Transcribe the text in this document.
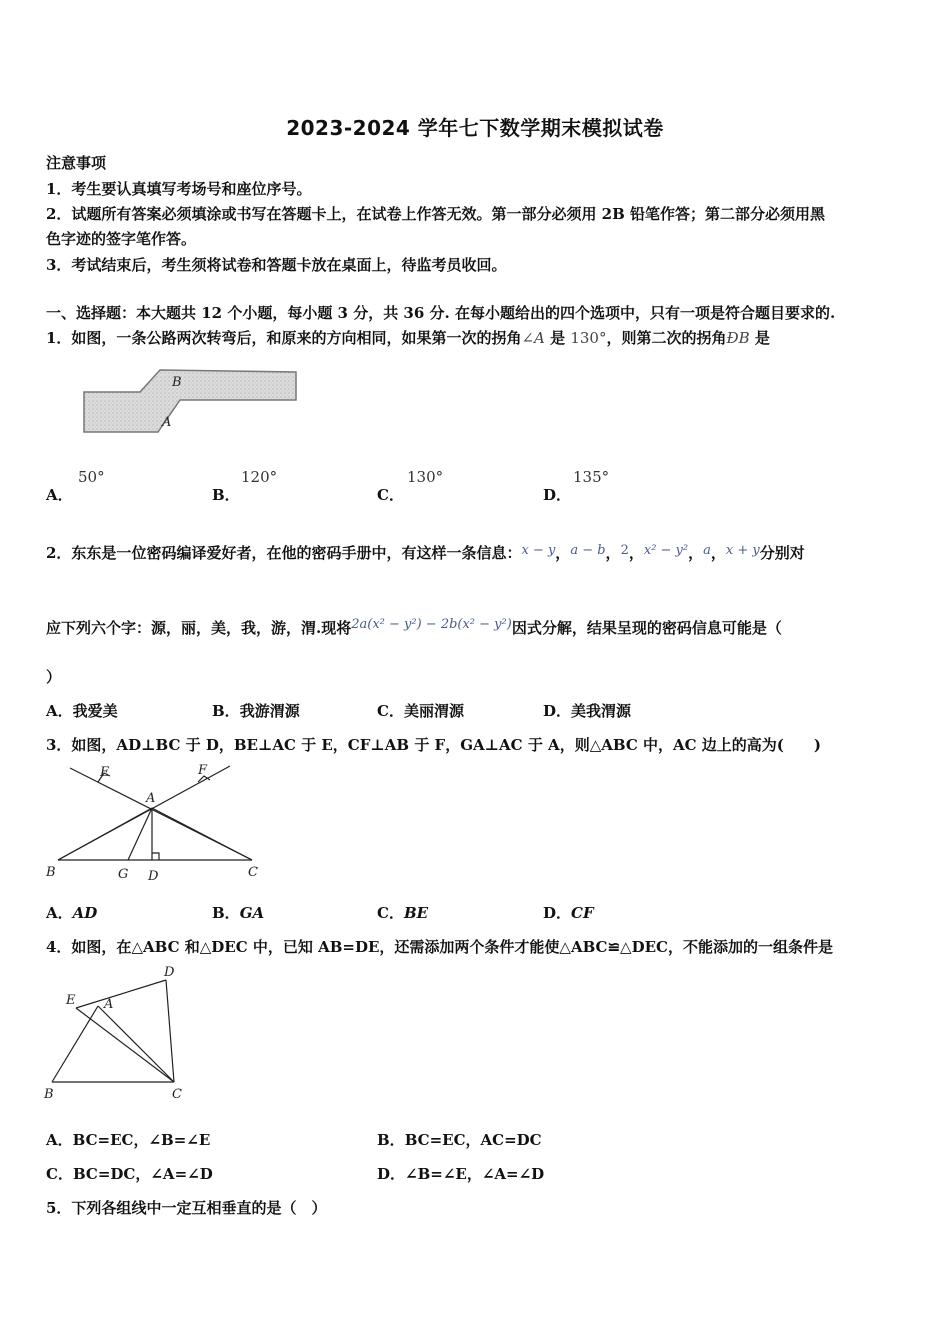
2023-2024 学年七下数学期末模拟试卷
注意事项
1．考生要认真填写考场号和座位序号。
2．试题所有答案必须填涂或书写在答题卡上，在试卷上作答无效。第一部分必须用 2B 铅笔作答；第二部分必须用黑
色字迹的签字笔作答。
3．考试结束后，考生须将试卷和答题卡放在桌面上，待监考员收回。
一、选择题：本大题共 12 个小题，每小题 3 分，共 36 分. 在每小题给出的四个选项中，只有一项是符合题目要求的.
1．如图，一条公路两次转弯后，和原来的方向相同，如果第一次的拐角∠A 是 130°，则第二次的拐角ÐB 是
B
A
A．
50°
B．
120°
C．
130°
D．
135°
2．东东是一位密码编译爱好者，在他的密码手册中，有这样一条信息：x − y，a − b，2，x² − y²，a，x + y分别对
应下列六个字：源，丽，美，我，游，渭.现将2a(x² − y²) − 2b(x² − y²)因式分解，结果呈现的密码信息可能是（
）
A．我爱美	B．我游渭源	C．美丽渭源	D．美我渭源
3．如图，AD⊥BC 于 D，BE⊥AC 于 E，CF⊥AB 于 F，GA⊥AC 于 A，则△ABC 中，AC 边上的高为(　　)
E	F
A
B	G D	C
A．AD	B．GA	C．BE	D．CF
4．如图，在△ABC 和△DEC 中，已知 AB=DE，还需添加两个条件才能使△ABC≌△DEC，不能添加的一组条件是
D
E A
B	C
A．BC=EC，∠B=∠E	B．BC=EC，AC=DC
C．BC=DC，∠A=∠D	D．∠B=∠E，∠A=∠D
5．下列各组线中一定互相垂直的是（　）
